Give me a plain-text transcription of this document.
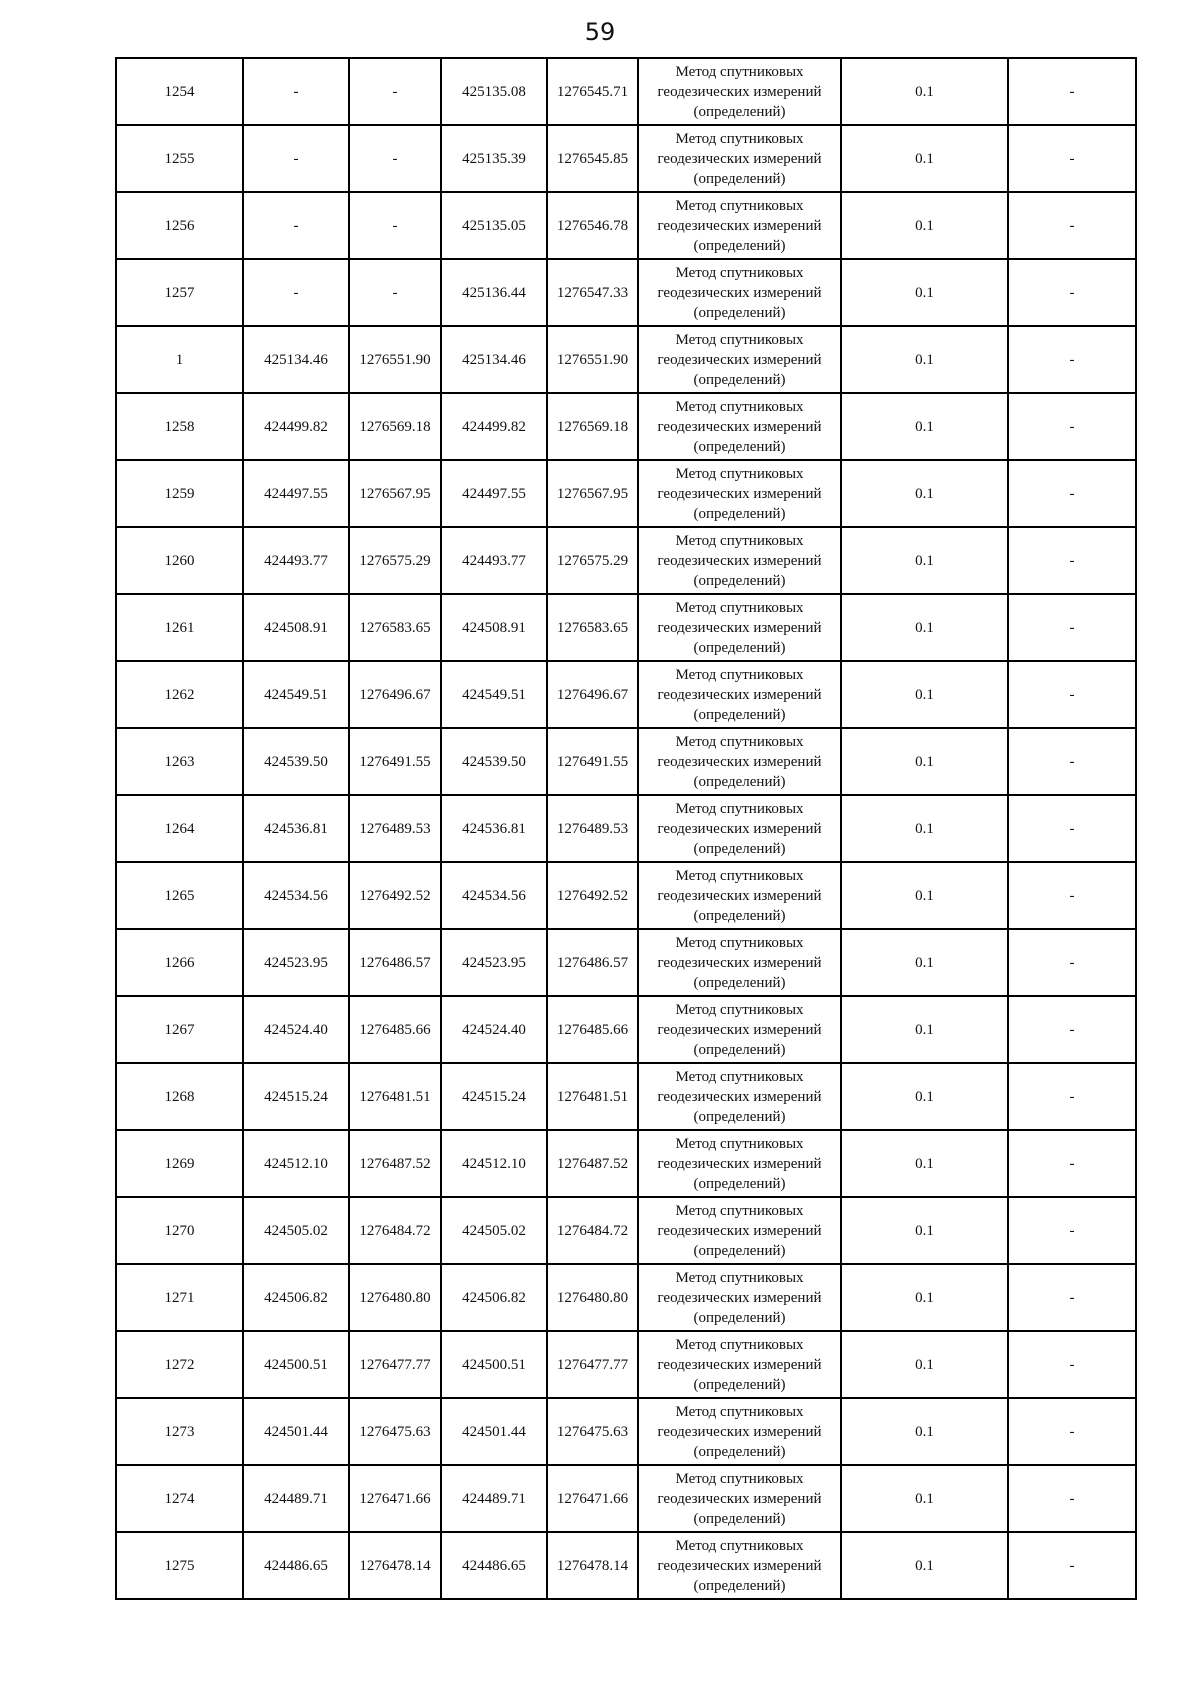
59
1254	-	-	425135.08	1276545.71	Метод спутниковых
геодезических измерений
(определений)	0.1	-
1255	-	-	425135.39	1276545.85	Метод спутниковых
геодезических измерений
(определений)	0.1	-
1256	-	-	425135.05	1276546.78	Метод спутниковых
геодезических измерений
(определений)	0.1	-
1257	-	-	425136.44	1276547.33	Метод спутниковых
геодезических измерений
(определений)	0.1	-
1	425134.46	1276551.90	425134.46	1276551.90	Метод спутниковых
геодезических измерений
(определений)	0.1	-
1258	424499.82	1276569.18	424499.82	1276569.18	Метод спутниковых
геодезических измерений
(определений)	0.1	-
1259	424497.55	1276567.95	424497.55	1276567.95	Метод спутниковых
геодезических измерений
(определений)	0.1	-
1260	424493.77	1276575.29	424493.77	1276575.29	Метод спутниковых
геодезических измерений
(определений)	0.1	-
1261	424508.91	1276583.65	424508.91	1276583.65	Метод спутниковых
геодезических измерений
(определений)	0.1	-
1262	424549.51	1276496.67	424549.51	1276496.67	Метод спутниковых
геодезических измерений
(определений)	0.1	-
1263	424539.50	1276491.55	424539.50	1276491.55	Метод спутниковых
геодезических измерений
(определений)	0.1	-
1264	424536.81	1276489.53	424536.81	1276489.53	Метод спутниковых
геодезических измерений
(определений)	0.1	-
1265	424534.56	1276492.52	424534.56	1276492.52	Метод спутниковых
геодезических измерений
(определений)	0.1	-
1266	424523.95	1276486.57	424523.95	1276486.57	Метод спутниковых
геодезических измерений
(определений)	0.1	-
1267	424524.40	1276485.66	424524.40	1276485.66	Метод спутниковых
геодезических измерений
(определений)	0.1	-
1268	424515.24	1276481.51	424515.24	1276481.51	Метод спутниковых
геодезических измерений
(определений)	0.1	-
1269	424512.10	1276487.52	424512.10	1276487.52	Метод спутниковых
геодезических измерений
(определений)	0.1	-
1270	424505.02	1276484.72	424505.02	1276484.72	Метод спутниковых
геодезических измерений
(определений)	0.1	-
1271	424506.82	1276480.80	424506.82	1276480.80	Метод спутниковых
геодезических измерений
(определений)	0.1	-
1272	424500.51	1276477.77	424500.51	1276477.77	Метод спутниковых
геодезических измерений
(определений)	0.1	-
1273	424501.44	1276475.63	424501.44	1276475.63	Метод спутниковых
геодезических измерений
(определений)	0.1	-
1274	424489.71	1276471.66	424489.71	1276471.66	Метод спутниковых
геодезических измерений
(определений)	0.1	-
1275	424486.65	1276478.14	424486.65	1276478.14	Метод спутниковых
геодезических измерений
(определений)	0.1	-
